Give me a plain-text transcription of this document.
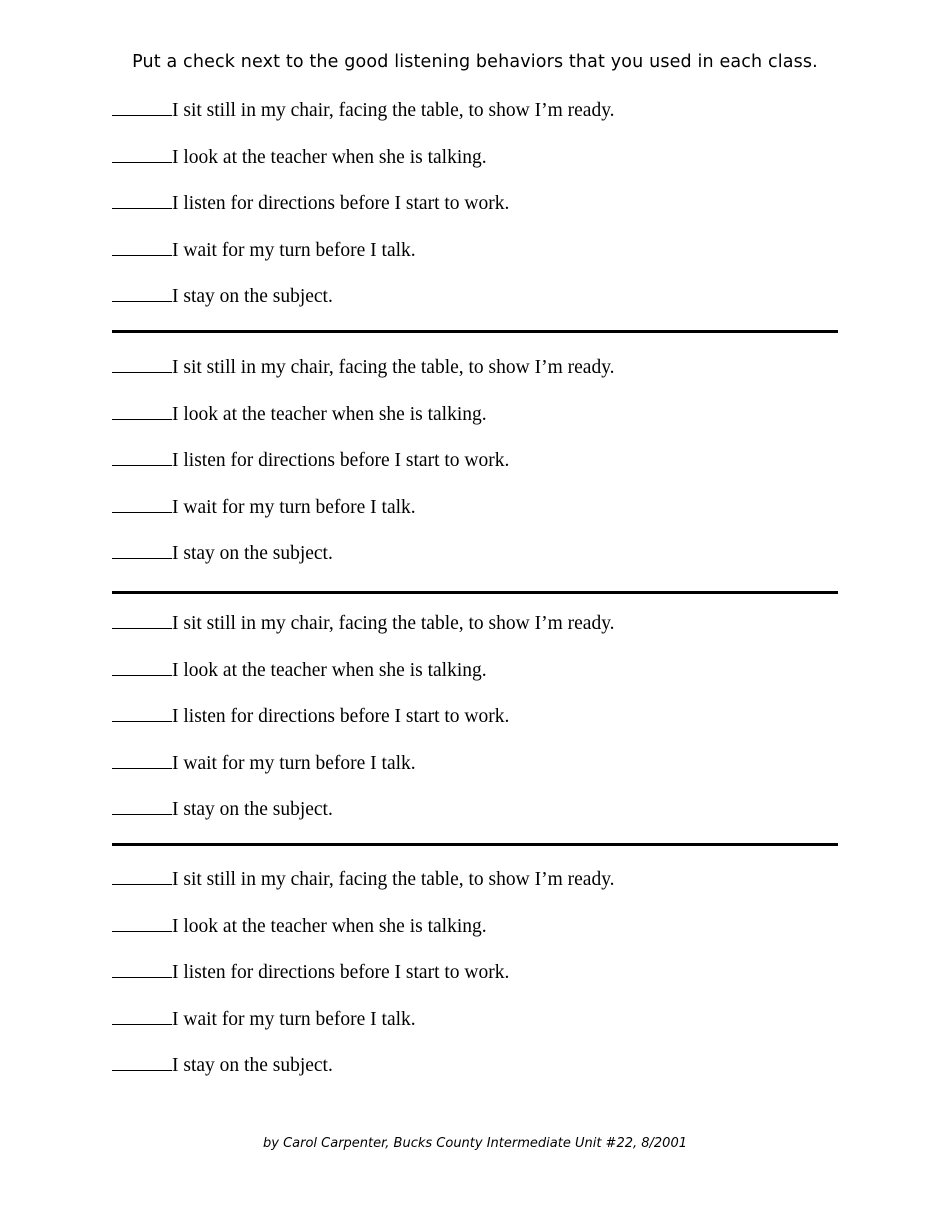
Put a check next to the good listening behaviors that you used in each class.
I sit still in my chair, facing the table, to show I’m ready.
I look at the teacher when she is talking.
I listen for directions before I start to work.
I wait for my turn before I talk.
I stay on the subject.
I sit still in my chair, facing the table, to show I’m ready.
I look at the teacher when she is talking.
I listen for directions before I start to work.
I wait for my turn before I talk.
I stay on the subject.
I sit still in my chair, facing the table, to show I’m ready.
I look at the teacher when she is talking.
I listen for directions before I start to work.
I wait for my turn before I talk.
I stay on the subject.
I sit still in my chair, facing the table, to show I’m ready.
I look at the teacher when she is talking.
I listen for directions before I start to work.
I wait for my turn before I talk.
I stay on the subject.
by Carol Carpenter, Bucks County Intermediate Unit #22, 8/2001
